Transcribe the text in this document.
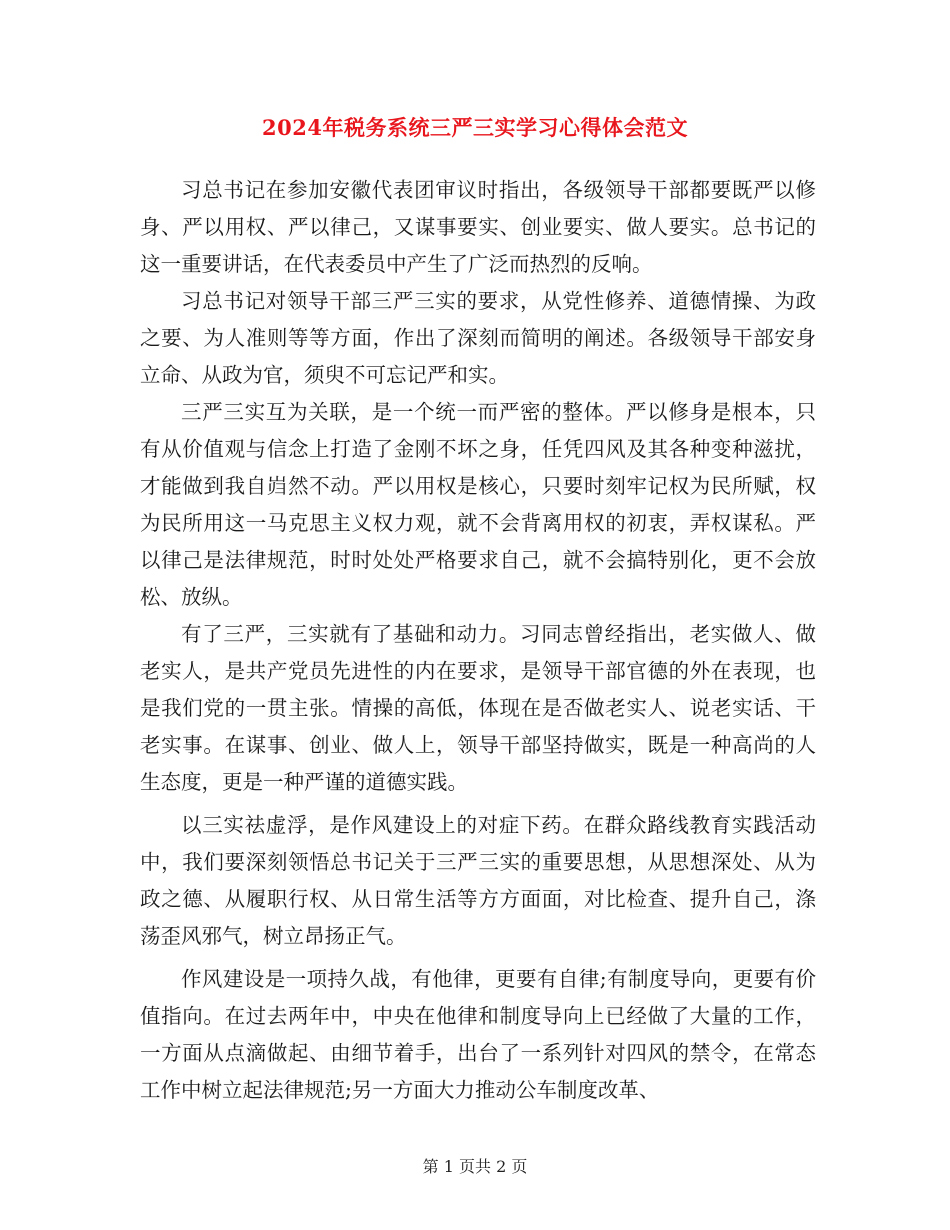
2024年税务系统三严三实学习心得体会范文

习总书记在参加安徽代表团审议时指出，各级领导干部都要既严以修身、严以用权、严以律己，又谋事要实、创业要实、做人要实。总书记的这一重要讲话，在代表委员中产生了广泛而热烈的反响。

习总书记对领导干部三严三实的要求，从党性修养、道德情操、为政之要、为人准则等等方面，作出了深刻而简明的阐述。各级领导干部安身立命、从政为官，须臾不可忘记严和实。

三严三实互为关联，是一个统一而严密的整体。严以修身是根本，只有从价值观与信念上打造了金刚不坏之身，任凭四风及其各种变种滋扰，才能做到我自岿然不动。严以用权是核心，只要时刻牢记权为民所赋，权为民所用这一马克思主义权力观，就不会背离用权的初衷，弄权谋私。严以律己是法律规范，时时处处严格要求自己，就不会搞特别化，更不会放松、放纵。

有了三严，三实就有了基础和动力。习同志曾经指出，老实做人、做老实人，是共产党员先进性的内在要求，是领导干部官德的外在表现，也是我们党的一贯主张。情操的高低，体现在是否做老实人、说老实话、干老实事。在谋事、创业、做人上，领导干部坚持做实，既是一种高尚的人生态度，更是一种严谨的道德实践。

以三实祛虚浮，是作风建设上的对症下药。在群众路线教育实践活动中，我们要深刻领悟总书记关于三严三实的重要思想，从思想深处、从为政之德、从履职行权、从日常生活等方方面面，对比检查、提升自己，涤荡歪风邪气，树立昂扬正气。

作风建设是一项持久战，有他律，更要有自律;有制度导向，更要有价值指向。在过去两年中，中央在他律和制度导向上已经做了大量的工作，一方面从点滴做起、由细节着手，出台了一系列针对四风的禁令，在常态工作中树立起法律规范;另一方面大力推动公车制度改革、

第 1 页共 2 页
